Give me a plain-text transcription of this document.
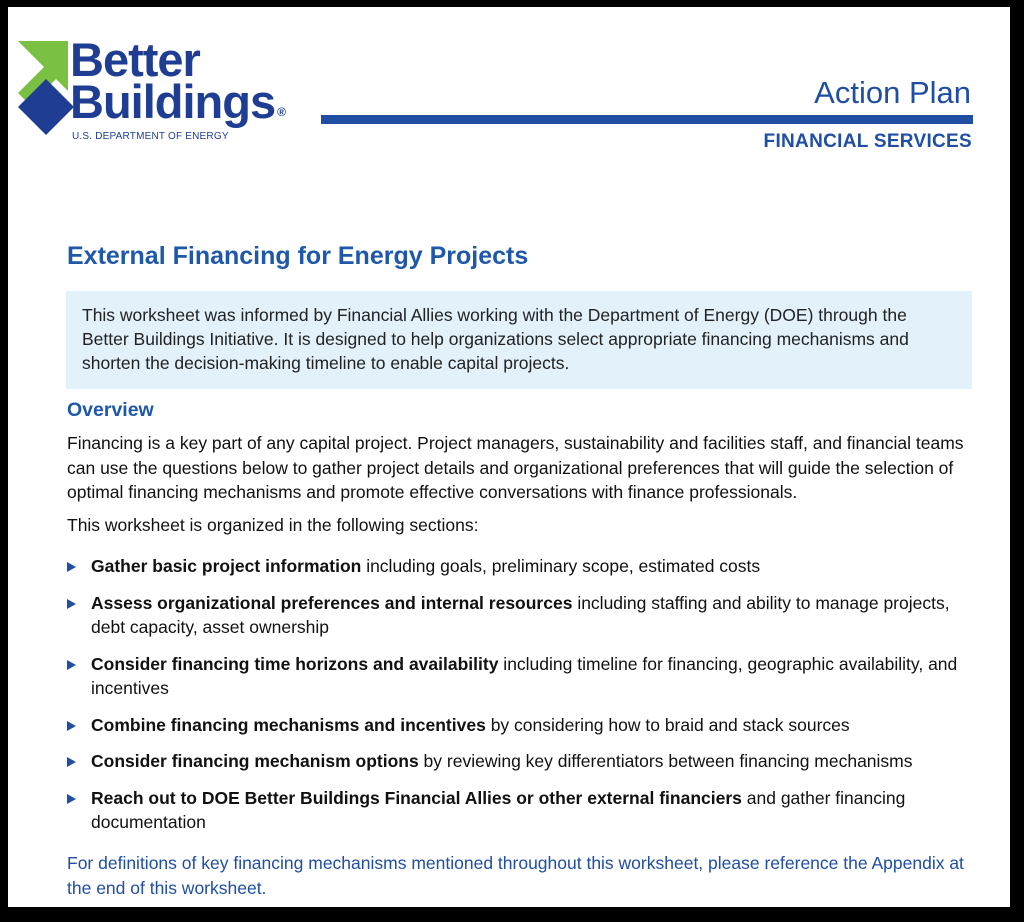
Better
Buildings ®
U.S. DEPARTMENT OF ENERGY
Action Plan
FINANCIAL SERVICES
External Financing for Energy Projects
This worksheet was informed by Financial Allies working with the Department of Energy (DOE) through the Better Buildings Initiative. It is designed to help organizations select appropriate financing mechanisms and shorten the decision-making timeline to enable capital projects.
Overview
Financing is a key part of any capital project. Project managers, sustainability and facilities staff, and financial teams can use the questions below to gather project details and organizational preferences that will guide the selection of optimal financing mechanisms and promote effective conversations with finance professionals.
This worksheet is organized in the following sections:
Gather basic project information including goals, preliminary scope, estimated costs
Assess organizational preferences and internal resources including staffing and ability to manage projects, debt capacity, asset ownership
Consider financing time horizons and availability including timeline for financing, geographic availability, and incentives
Combine financing mechanisms and incentives by considering how to braid and stack sources
Consider financing mechanism options by reviewing key differentiators between financing mechanisms
Reach out to DOE Better Buildings Financial Allies or other external financiers and gather financing documentation
For definitions of key financing mechanisms mentioned throughout this worksheet, please reference the Appendix at the end of this worksheet.
